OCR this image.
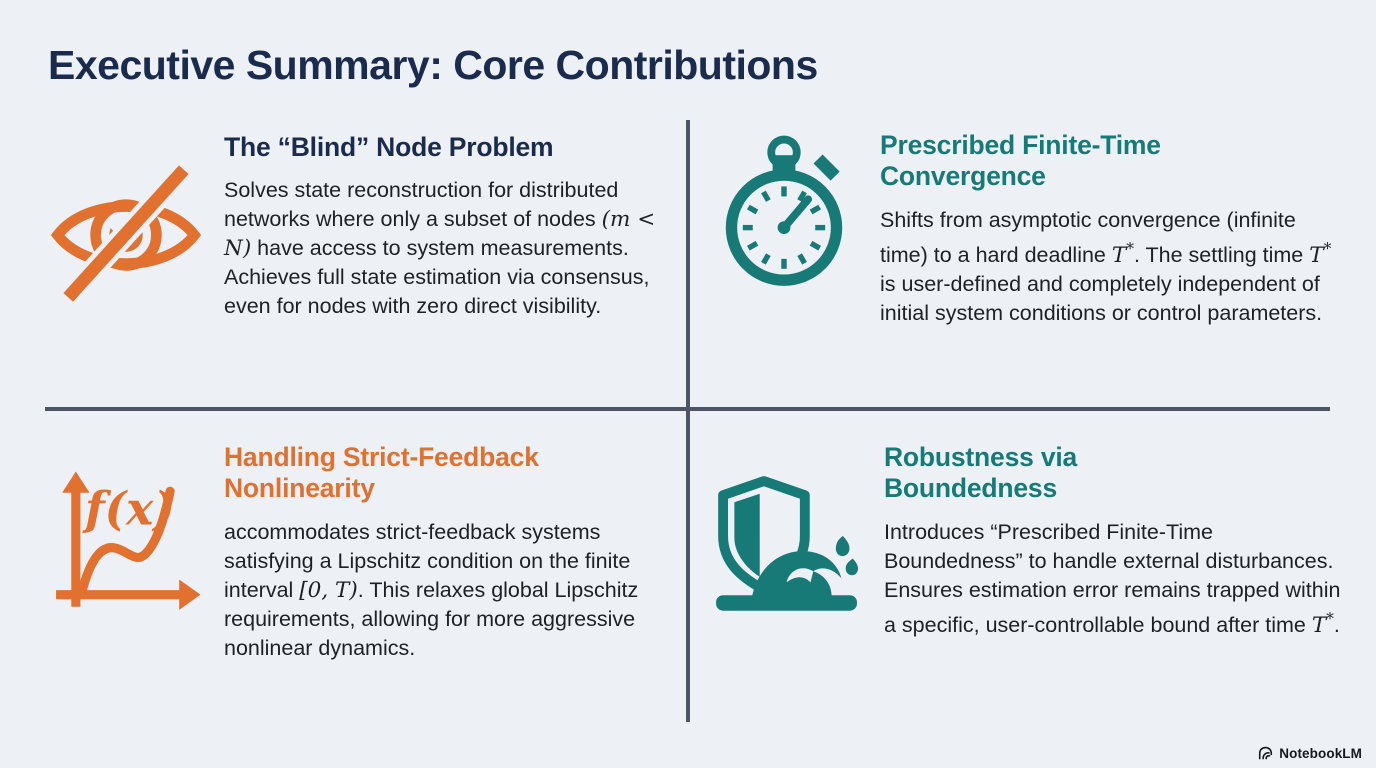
Executive Summary: Core Contributions
The “Blind” Node Problem

Solves state reconstruction for distributed networks where only a subset of nodes (m < N) have access to system measurements. Achieves full state estimation via consensus, even for nodes with zero direct visibility.

Prescribed Finite-Time Convergence

Shifts from asymptotic convergence (infinite time) to a hard deadline T*. The settling time T* is user-defined and completely independent of initial system conditions or control parameters.

f(x)
Handling Strict-Feedback Nonlinearity

accommodates strict-feedback systems satisfying a Lipschitz condition on the finite interval [0, T). This relaxes global Lipschitz requirements, allowing for more aggressive nonlinear dynamics.

Robustness via Boundedness

Introduces “Prescribed Finite-Time Boundedness” to handle external disturbances. Ensures estimation error remains trapped within a specific, user-controllable bound after time T*.

NotebookLM
